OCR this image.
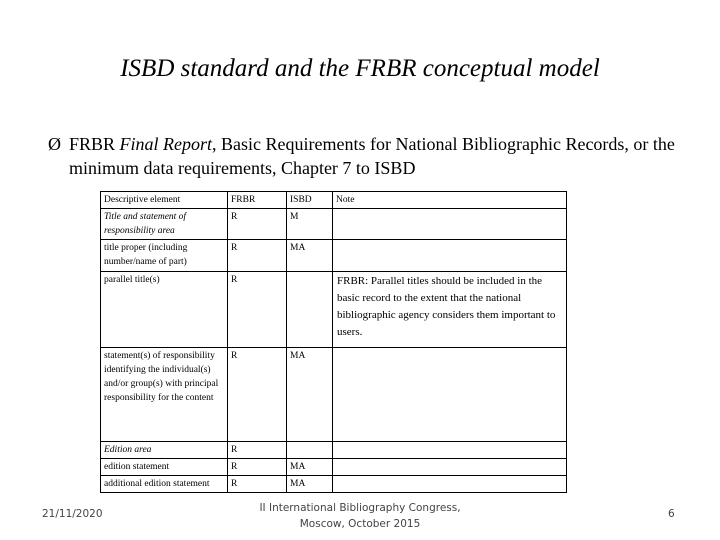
ISBD standard and the FRBR conceptual model
Ø FRBR Final Report, Basic Requirements for National Bibliographic Records, or the minimum data requirements, Chapter 7 to ISBD
Descriptive element	FRBR	ISBD	Note
Title and statement of responsibility area	R	M	
title proper (including number/name of part)	R	MA	
parallel title(s)	R		FRBR: Parallel titles should be included in the basic record to the extent that the national bibliographic agency considers them important to users.
statement(s) of responsibility identifying the individual(s) and/or group(s) with principal responsibility for the content	R	MA	
Edition area	R		
edition statement	R	MA	
additional edition statement	R	MA	
21/11/2020	II International Bibliography Congress,
Moscow, October 2015
6
